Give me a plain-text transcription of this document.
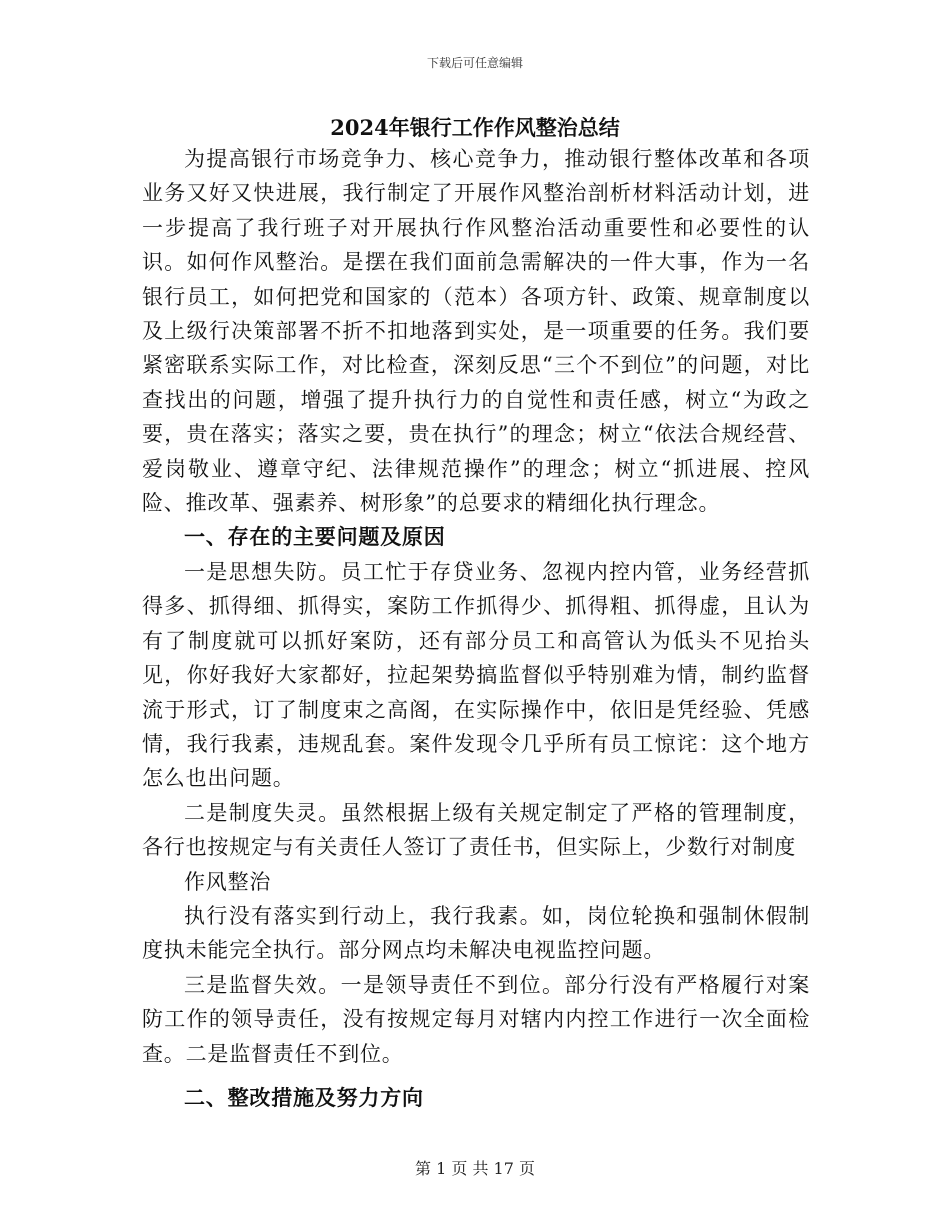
下载后可任意编辑
2024年银行工作作风整治总结

为提高银行市场竞争力、核心竞争力，推动银行整体改革和各项业务又好又快进展，我行制定了开展作风整治剖析材料活动计划，进一步提高了我行班子对开展执行作风整治活动重要性和必要性的认识。如何作风整治。是摆在我们面前急需解决的一件大事，作为一名银行员工，如何把党和国家的（范本）各项方针、政策、规章制度以及上级行决策部署不折不扣地落到实处，是一项重要的任务。我们要紧密联系实际工作，对比检查，深刻反思“三个不到位”的问题，对比查找出的问题，增强了提升执行力的自觉性和责任感，树立“为政之要，贵在落实；落实之要，贵在执行”的理念；树立“依法合规经营、爱岗敬业、遵章守纪、法律规范操作”的理念；树立“抓进展、控风险、推改革、强素养、树形象”的总要求的精细化执行理念。

一、存在的主要问题及原因

一是思想失防。员工忙于存贷业务、忽视内控内管，业务经营抓得多、抓得细、抓得实，案防工作抓得少、抓得粗、抓得虚，且认为有了制度就可以抓好案防，还有部分员工和高管认为低头不见抬头见，你好我好大家都好，拉起架势搞监督似乎特别难为情，制约监督流于形式，订了制度束之高阁，在实际操作中，依旧是凭经验、凭感情，我行我素，违规乱套。案件发现令几乎所有员工惊诧：这个地方怎么也出问题。

二是制度失灵。虽然根据上级有关规定制定了严格的管理制度，各行也按规定与有关责任人签订了责任书，但实际上，少数行对制度

作风整治

执行没有落实到行动上，我行我素。如，岗位轮换和强制休假制度执未能完全执行。部分网点均未解决电视监控问题。

三是监督失效。一是领导责任不到位。部分行没有严格履行对案防工作的领导责任，没有按规定每月对辖内内控工作进行一次全面检查。二是监督责任不到位。

二、整改措施及努力方向

第 1 页 共 17 页
